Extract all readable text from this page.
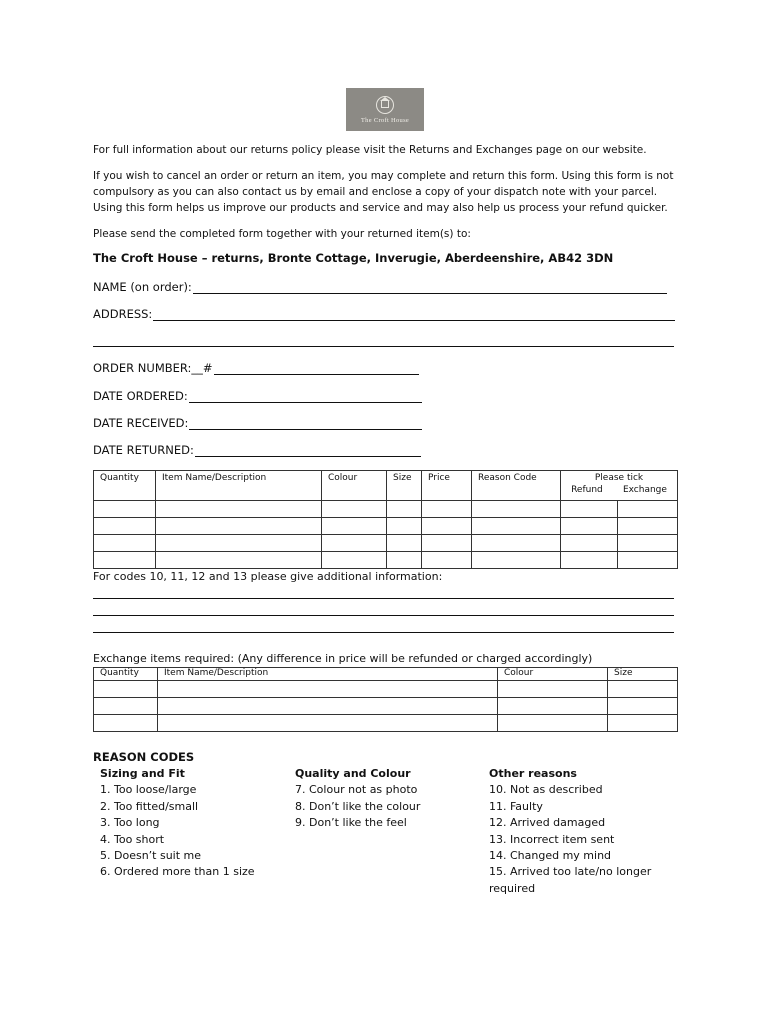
The Croft House
For full information about our returns policy please visit the Returns and Exchanges page on our website.
If you wish to cancel an order or return an item, you may complete and return this form. Using this form is not
compulsory as you can also contact us by email and enclose a copy of your dispatch note with your parcel.
Using this form helps us improve our products and service and may also help us process your refund quicker.
Please send the completed form together with your returned item(s) to:
The Croft House – returns, Bronte Cottage, Inverugie, Aberdeenshire, AB42 3DN
NAME (on order):
ADDRESS:
ORDER NUMBER:__#
DATE ORDERED:
DATE RECEIVED:
DATE RETURNED:
Quantity	Item Name/Description	Colour	Size	Price	Reason Code	Please tick
Refund Exchange	

For codes 10, 11, 12 and 13 please give additional information:
Exchange items required: (Any difference in price will be refunded or charged accordingly)
Quantity	Item Name/Description	Colour	Size

REASON CODES
Sizing and Fit
1. Too loose/large
2. Too fitted/small
3. Too long
4. Too short
5. Doesn’t suit me
6. Ordered more than 1 size
Quality and Colour
7. Colour not as photo
8. Don’t like the colour
9. Don’t like the feel
Other reasons
10. Not as described
11. Faulty
12. Arrived damaged
13. Incorrect item sent
14. Changed my mind
15. Arrived too late/no longer
required
